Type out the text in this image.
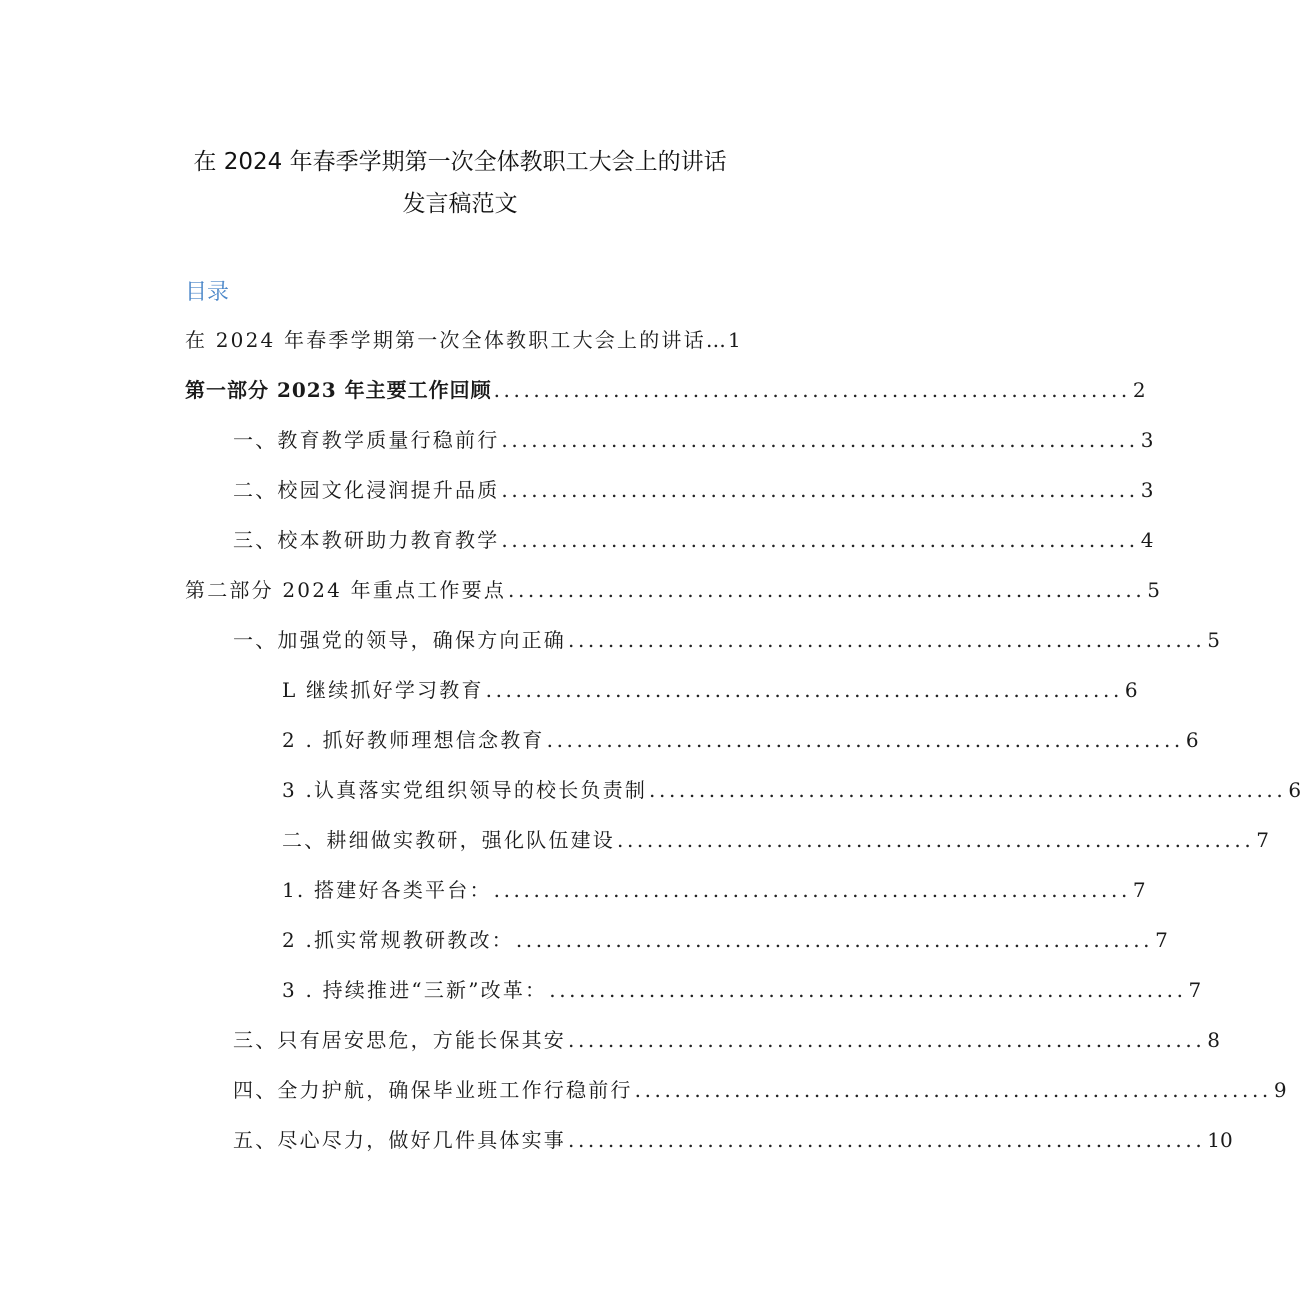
在 2024 年春季学期第一次全体教职工大会上的讲话
发言稿范文
目录
在 2024 年春季学期第一次全体教职工大会上的讲话… 1
第一部分 2023 年主要工作回顾 ................................................................ 2
一、教育教学质量行稳前行 ................................................................ 3
二、校园文化浸润提升品质 ................................................................ 3
三、校本教研助力教育教学 ................................................................ 4
第二部分 2024 年重点工作要点 ................................................................ 5
一、加强党的领导，确保方向正确 ................................................................ 5
L 继续抓好学习教育 ................................................................ 6
2 . 抓好教师理想信念教育 ................................................................ 6
3 .认真落实党组织领导的校长负责制 ................................................................ 6
二、耕细做实教研，强化队伍建设 ................................................................ 7
1. 搭建好各类平台： ................................................................ 7
2 .抓实常规教研教改： ................................................................ 7
3 . 持续推进“三新”改革： ................................................................ 7
三、只有居安思危，方能长保其安 ................................................................ 8
四、全力护航，确保毕业班工作行稳前行 ................................................................ 9
五、尽心尽力，做好几件具体实事 ................................................................ 10
